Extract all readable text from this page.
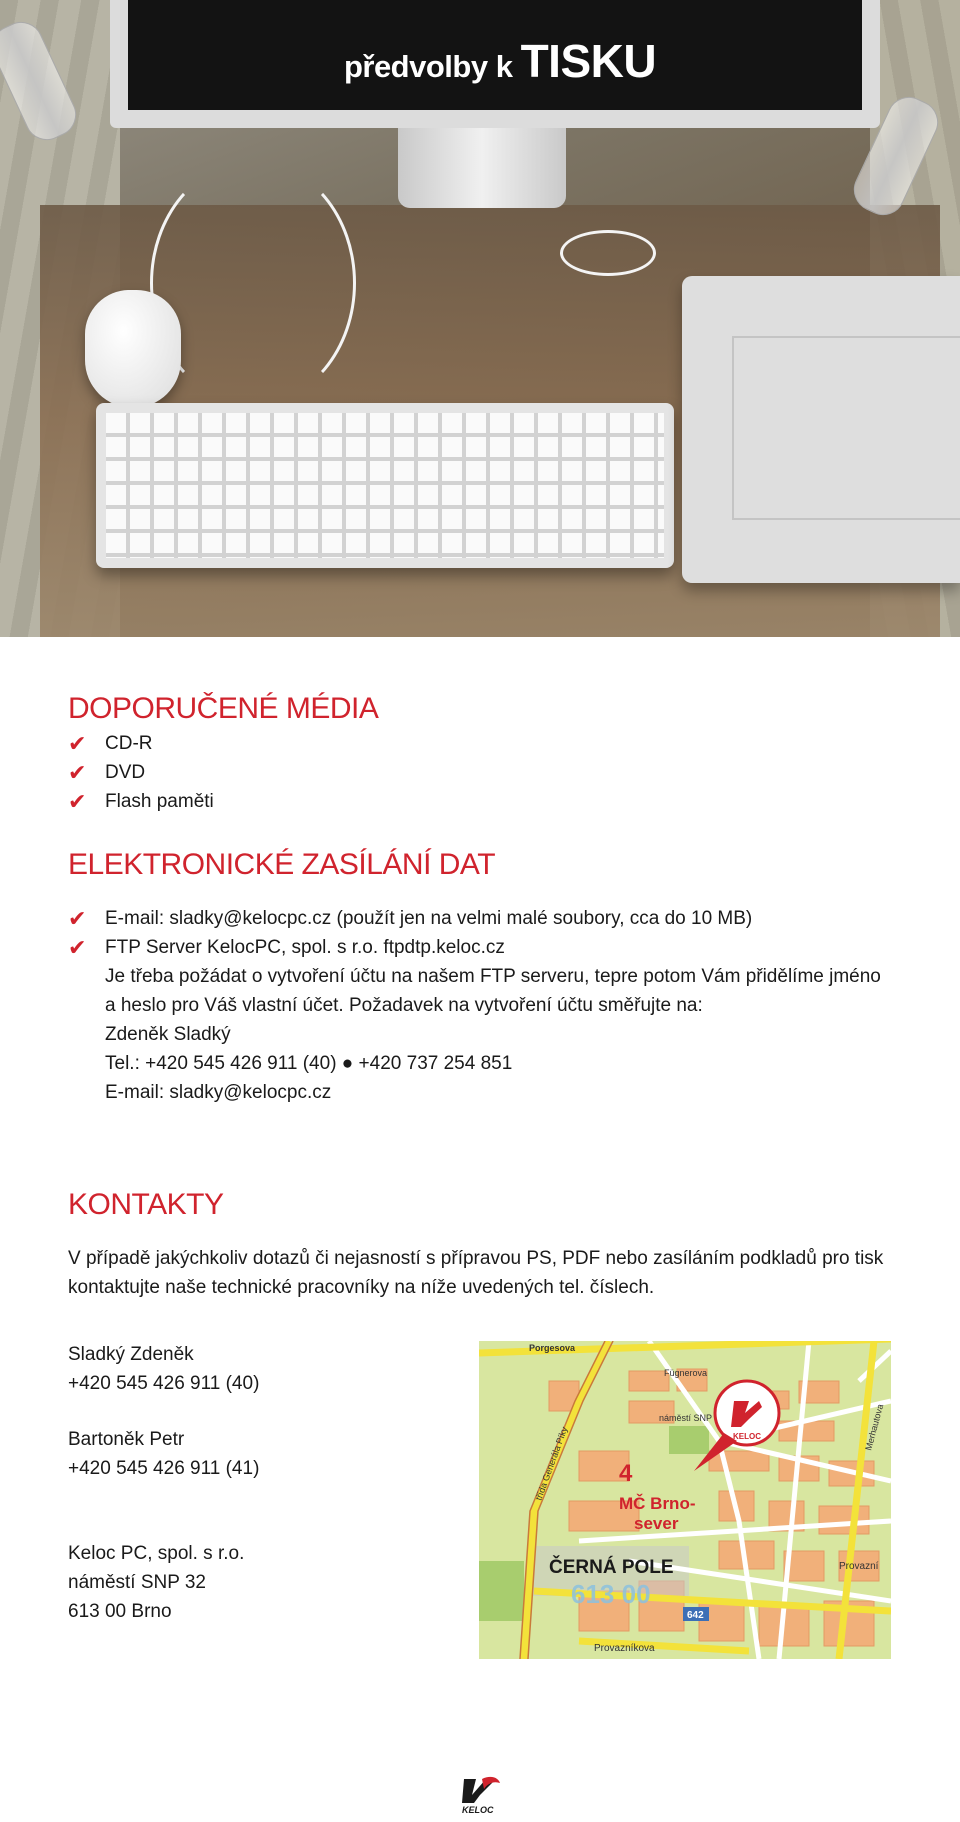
předvolby k TISKU
DOPORUČENÉ MÉDIA
✔ CD-R
✔ DVD
✔ Flash paměti
ELEKTRONICKÉ ZASÍLÁNÍ DAT
✔ E-mail: sladky@kelocpc.cz (použít jen na velmi malé soubory, cca do 10 MB)
✔ FTP Server KelocPC, spol. s r.o. ftpdtp.keloc.cz
Je třeba požádat o vytvoření účtu na našem FTP serveru, tepre potom Vám přidělíme jméno
a heslo pro Váš vlastní účet. Požadavek na vytvoření účtu směřujte na:
Zdeněk Sladký
Tel.: +420 545 426 911 (40) ● +420 737 254 851
E-mail: sladky@kelocpc.cz
KONTAKTY
V případě jakýchkoliv dotazů či nejasností s přípravou PS, PDF nebo zasíláním podkladů pro tisk
kontaktujte naše technické pracovníky na níže uvedených tel. číslech.
Sladký Zdeněk
+420 545 426 911 (40)
Bartoněk Petr
+420 545 426 911 (41)
Keloc PC, spol. s r.o.
náměstí SNP 32
613 00 Brno
Porgesova
Fügnerova
náměstí SNP
KELOC
4
MČ Brno-
sever
ČERNÁ POLE
613 00
642
Provazníkova
Provazní
třída Generála Píky	Merhautova
KELOC
